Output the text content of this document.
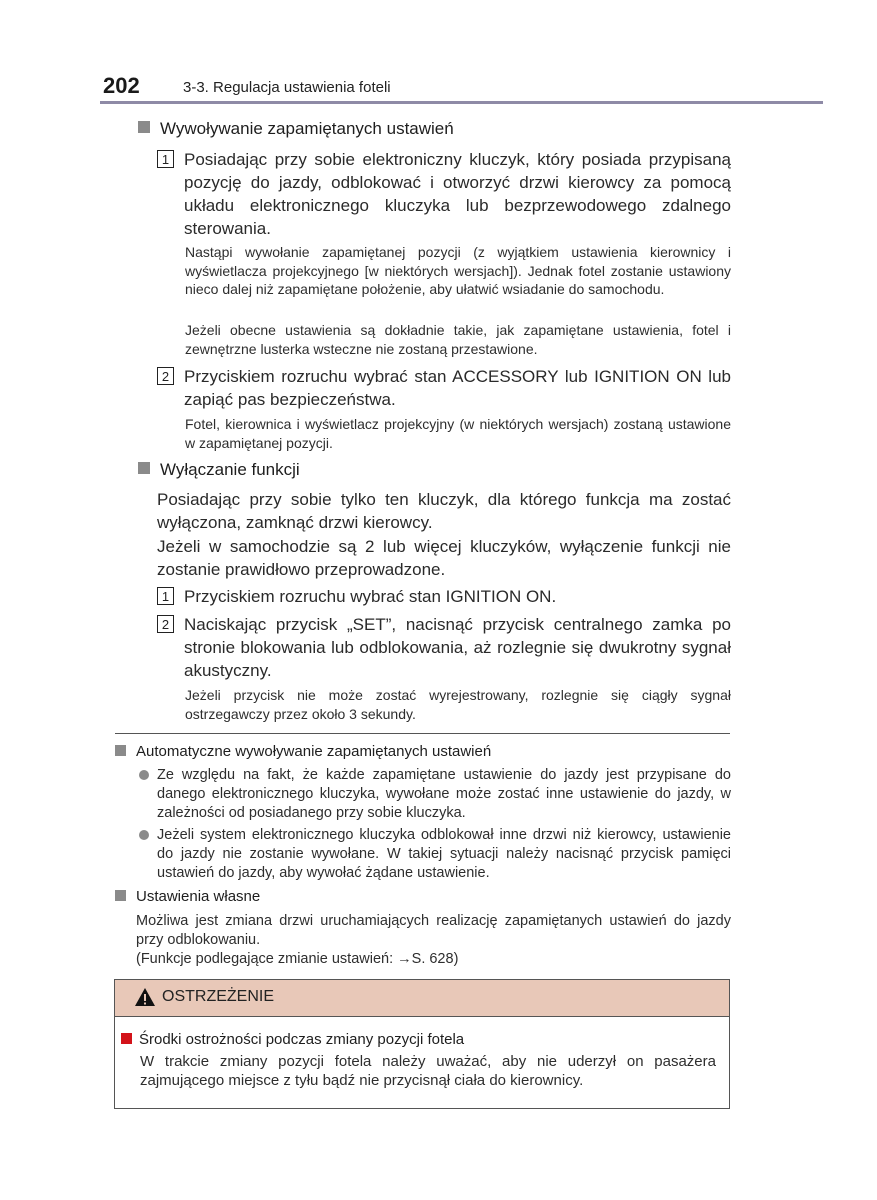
202	3-3. Regulacja ustawienia foteli
Wywoływanie zapamiętanych ustawień
1 Posiadając przy sobie elektroniczny kluczyk, który posiada przypisaną pozycję do jazdy, odblokować i otworzyć drzwi kierowcy za pomocą układu elektronicznego kluczyka lub bezprzewodowego zdalnego sterowania.
Nastąpi wywołanie zapamiętanej pozycji (z wyjątkiem ustawienia kierownicy i wyświetlacza projekcyjnego [w niektórych wersjach]). Jednak fotel zostanie ustawiony nieco dalej niż zapamiętane położenie, aby ułatwić wsiadanie do samochodu.
Jeżeli obecne ustawienia są dokładnie takie, jak zapamiętane ustawienia, fotel i zewnętrzne lusterka wsteczne nie zostaną przestawione.
2 Przyciskiem rozruchu wybrać stan ACCESSORY lub IGNITION ON lub zapiąć pas bezpieczeństwa.
Fotel, kierownica i wyświetlacz projekcyjny (w niektórych wersjach) zostaną ustawione w zapamiętanej pozycji.
Wyłączanie funkcji
Posiadając przy sobie tylko ten kluczyk, dla którego funkcja ma zostać wyłączona, zamknąć drzwi kierowcy.
Jeżeli w samochodzie są 2 lub więcej kluczyków, wyłączenie funkcji nie zostanie prawidłowo przeprowadzone.
1 Przyciskiem rozruchu wybrać stan IGNITION ON.
2 Naciskając przycisk „SET”, nacisnąć przycisk centralnego zamka po stronie blokowania lub odblokowania, aż rozlegnie się dwukrotny sygnał akustyczny.
Jeżeli przycisk nie może zostać wyrejestrowany, rozlegnie się ciągły sygnał ostrzegawczy przez około 3 sekundy.
Automatyczne wywoływanie zapamiętanych ustawień
Ze względu na fakt, że każde zapamiętane ustawienie do jazdy jest przypisane do danego elektronicznego kluczyka, wywołane może zostać inne ustawienie do jazdy, w zależności od posiadanego przy sobie kluczyka.
Jeżeli system elektronicznego kluczyka odblokował inne drzwi niż kierowcy, ustawienie do jazdy nie zostanie wywołane. W takiej sytuacji należy nacisnąć przycisk pamięci ustawień do jazdy, aby wywołać żądane ustawienie.
Ustawienia własne
Możliwa jest zmiana drzwi uruchamiających realizację zapamiętanych ustawień do jazdy przy odblokowaniu.
(Funkcje podlegające zmianie ustawień: →S. 628)
OSTRZEŻENIE
Środki ostrożności podczas zmiany pozycji fotela
W trakcie zmiany pozycji fotela należy uważać, aby nie uderzył on pasażera zajmującego miejsce z tyłu bądź nie przycisnął ciała do kierownicy.
